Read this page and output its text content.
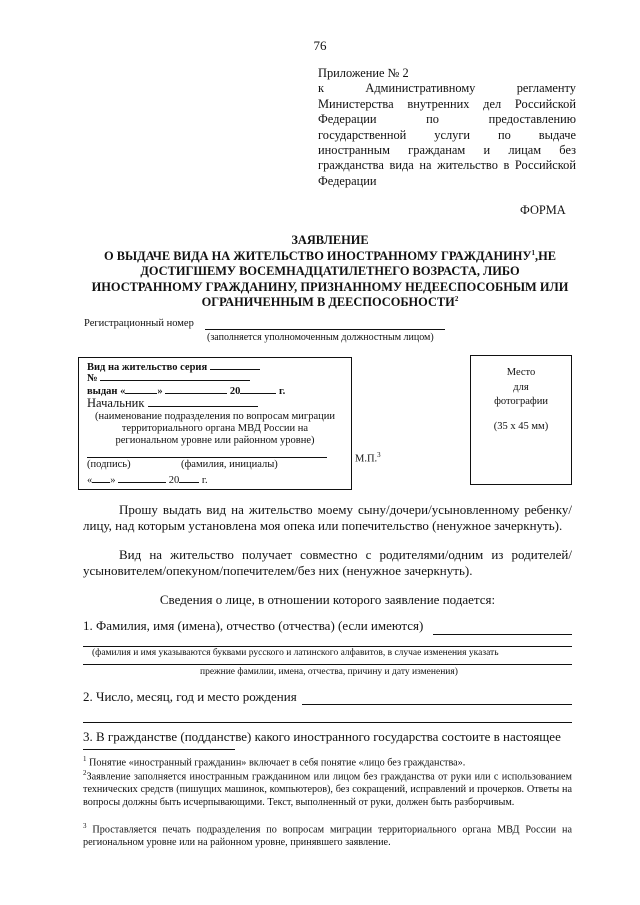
76
Приложение № 2
к Административному регламенту
Министерства внутренних дел Российской
Федерации по предоставлению
государственной услуги по выдаче
иностранным гражданам и лицам без
гражданства вида на жительство в Российской
Федерации
ФОРМА
ЗАЯВЛЕНИЕ
О ВЫДАЧЕ ВИДА НА ЖИТЕЛЬСТВО ИНОСТРАННОМУ ГРАЖДАНИНУ$^1$,НЕ
ДОСТИГШЕМУ ВОСЕМНАДЦАТИЛЕТНЕГО ВОЗРАСТА, ЛИБО
ИНОСТРАННОМУ ГРАЖДАНИНУ, ПРИЗНАННОМУ НЕДЕЕСПОСОБНЫМ ИЛИ
ОГРАНИЧЕННЫМ В ДЕЕСПОСОБНОСТИ$^2$
Регистрационный номер
(заполняется уполномоченным должностным лицом)
Вид на жительство серия
№
выдан «	»	20	г.
Начальник
(наименование подразделения по вопросам миграции
территориального органа МВД России на
региональном уровне или районном уровне)
(подпись)	(фамилия, инициалы)
« »	20 г.
М.П.$^3$
Место
для
фотографии
(35 х 45 мм)
Прошу выдать вид на жительство моему сыну/дочери/усыновленному ребенку/лицу, над которым установлена моя опека или попечительство (ненужное зачеркнуть).
Вид на жительство получает совместно с родителями/одним из родителей/усыновителем/опекуном/попечителем/без них (ненужное зачеркнуть).
Сведения о лице, в отношении которого заявление подается:
1. Фамилия, имя (имена), отчество (отчества) (если имеются)
(фамилия и имя указываются буквами русского и латинского алфавитов, в случае изменения указать
прежние фамилии, имена, отчества, причину и дату изменения)
2. Число, месяц, год и место рождения
3. В гражданстве (подданстве) какого иностранного государства состоите в настоящее
$^1$ Понятие «иностранный гражданин» включает в себя понятие «лицо без гражданства».
$^2$Заявление заполняется иностранным гражданином или лицом без гражданства от руки или с использованием технических средств (пишущих машинок, компьютеров), без сокращений, исправлений и прочерков. Ответы на вопросы должны быть исчерпывающими. Текст, выполненный от руки, должен быть разборчивым.
$^3$ Проставляется печать подразделения по вопросам миграции территориального органа МВД России на региональном уровне или на районном уровне, принявшего заявление.
